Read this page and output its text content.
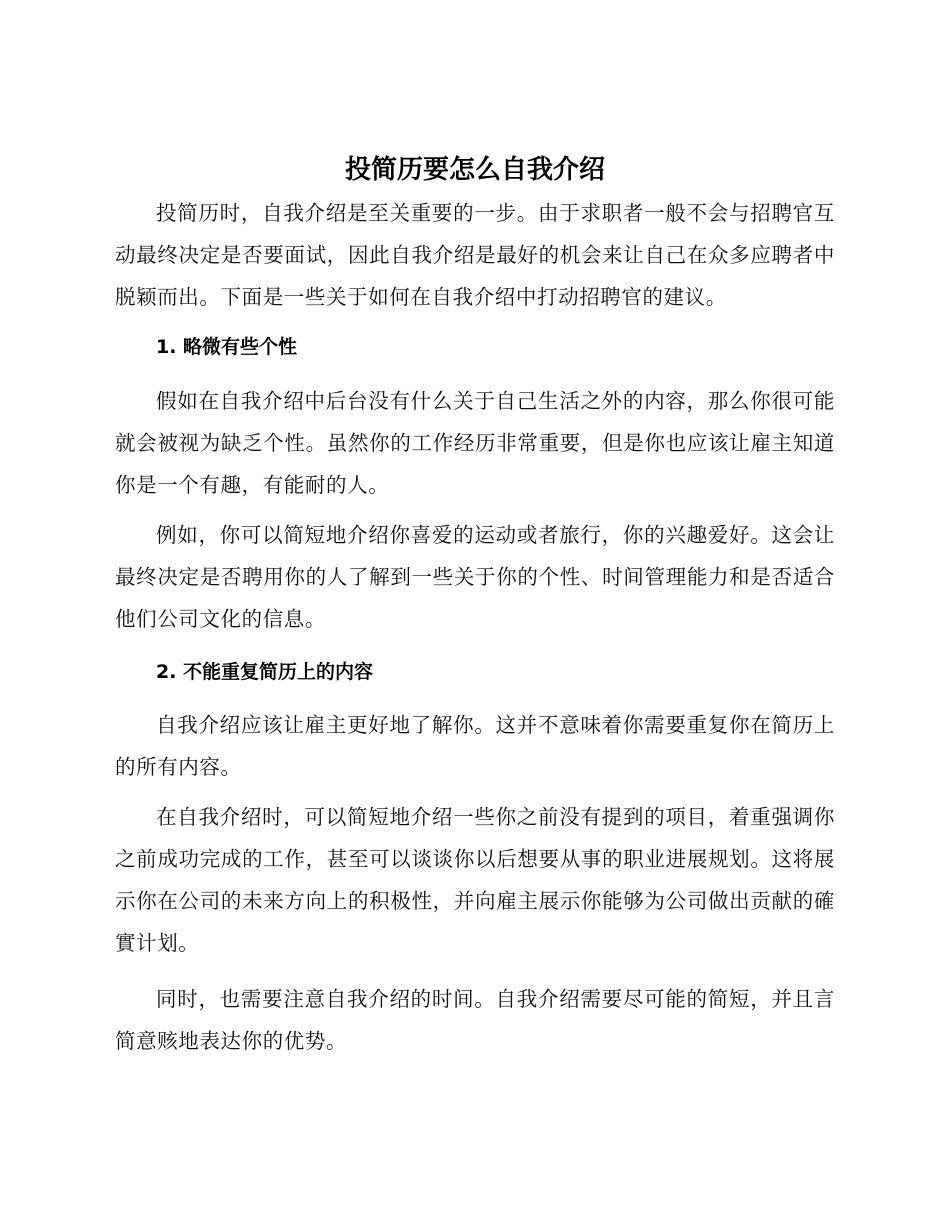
投简历要怎么自我介绍

投简历时，自我介绍是至关重要的一步。由于求职者一般不会与招聘官互动最终决定是否要面试，因此自我介绍是最好的机会来让自己在众多应聘者中脱颖而出。下面是一些关于如何在自我介绍中打动招聘官的建议。

1. 略微有些个性

假如在自我介绍中后台没有什么关于自己生活之外的内容，那么你很可能就会被视为缺乏个性。虽然你的工作经历非常重要，但是你也应该让雇主知道你是一个有趣，有能耐的人。

例如，你可以简短地介绍你喜爱的运动或者旅行，你的兴趣爱好。这会让最终决定是否聘用你的人了解到一些关于你的个性、时间管理能力和是否适合他们公司文化的信息。

2. 不能重复简历上的内容

自我介绍应该让雇主更好地了解你。这并不意味着你需要重复你在简历上的所有内容。

在自我介绍时，可以简短地介绍一些你之前没有提到的项目，着重强调你之前成功完成的工作，甚至可以谈谈你以后想要从事的职业进展规划。这将展示你在公司的未来方向上的积极性，并向雇主展示你能够为公司做出贡献的確實计划。

同时，也需要注意自我介绍的时间。自我介绍需要尽可能的简短，并且言简意赅地表达你的优势。
